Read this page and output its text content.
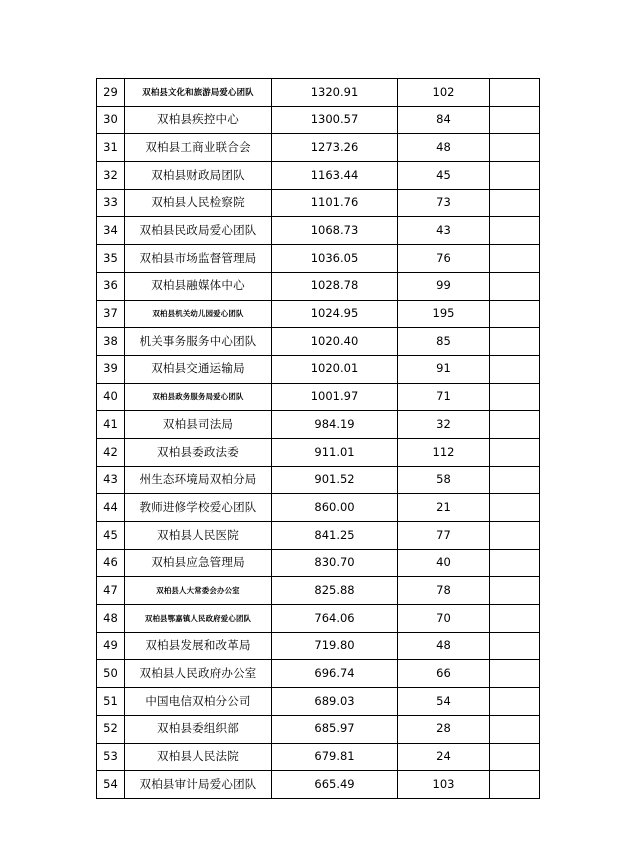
29	双柏县文化和旅游局爱心团队	1320.91	102	
30	双柏县疾控中心	1300.57	84	
31	双柏县工商业联合会	1273.26	48	
32	双柏县财政局团队	1163.44	45	
33	双柏县人民检察院	1101.76	73	
34	双柏县民政局爱心团队	1068.73	43	
35	双柏县市场监督管理局	1036.05	76	
36	双柏县融媒体中心	1028.78	99	
37	双柏县机关幼儿园爱心团队	1024.95	195	
38	机关事务服务中心团队	1020.40	85	
39	双柏县交通运输局	1020.01	91	
40	双柏县政务服务局爱心团队	1001.97	71	
41	双柏县司法局	984.19	32	
42	双柏县委政法委	911.01	112	
43	州生态环境局双柏分局	901.52	58	
44	教师进修学校爱心团队	860.00	21	
45	双柏县人民医院	841.25	77	
46	双柏县应急管理局	830.70	40	
47	双柏县人大常委会办公室	825.88	78	
48	双柏县鄂嘉镇人民政府爱心团队	764.06	70	
49	双柏县发展和改革局	719.80	48	
50	双柏县人民政府办公室	696.74	66	
51	中国电信双柏分公司	689.03	54	
52	双柏县委组织部	685.97	28	
53	双柏县人民法院	679.81	24	
54	双柏县审计局爱心团队	665.49	103	
